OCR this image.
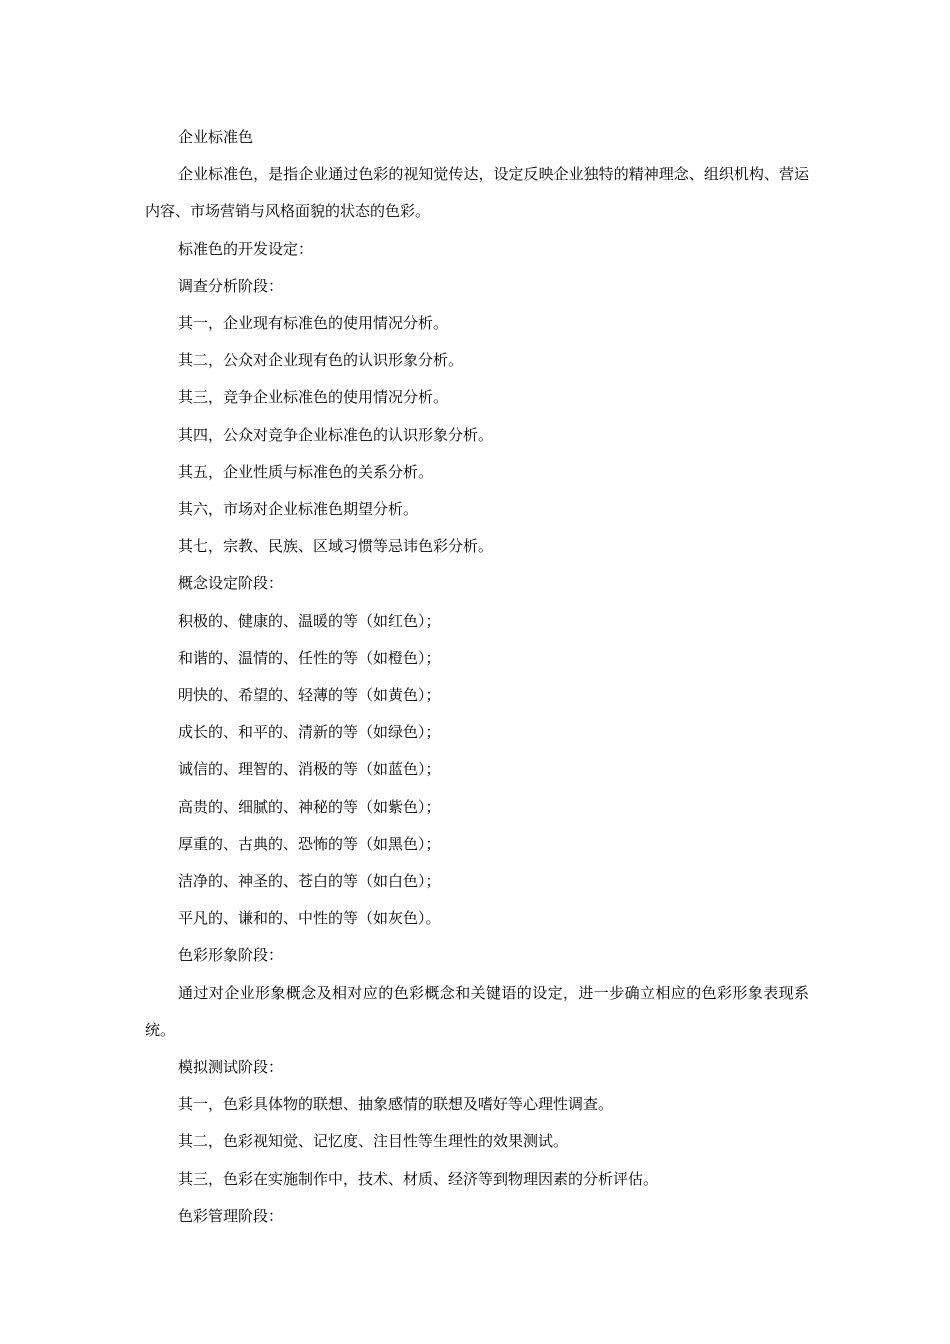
企业标准色

企业标准色，是指企业通过色彩的视知觉传达，设定反映企业独特的精神理念、组织机构、营运内容、市场营销与风格面貌的状态的色彩。

标准色的开发设定：

调查分析阶段：

其一，企业现有标准色的使用情况分析。

其二，公众对企业现有色的认识形象分析。

其三，竞争企业标准色的使用情况分析。

其四，公众对竞争企业标准色的认识形象分析。

其五，企业性质与标准色的关系分析。

其六，市场对企业标准色期望分析。

其七，宗教、民族、区域习惯等忌讳色彩分析。

概念设定阶段：

积极的、健康的、温暖的等（如红色）；

和谐的、温情的、任性的等（如橙色）；

明快的、希望的、轻薄的等（如黄色）；

成长的、和平的、清新的等（如绿色）；

诚信的、理智的、消极的等（如蓝色）；

高贵的、细腻的、神秘的等（如紫色）；

厚重的、古典的、恐怖的等（如黑色）；

洁净的、神圣的、苍白的等（如白色）；

平凡的、谦和的、中性的等（如灰色）。

色彩形象阶段：

通过对企业形象概念及相对应的色彩概念和关键语的设定，进一步确立相应的色彩形象表现系统。

模拟测试阶段：

其一，色彩具体物的联想、抽象感情的联想及嗜好等心理性调查。

其二，色彩视知觉、记忆度、注目性等生理性的效果测试。

其三，色彩在实施制作中，技术、材质、经济等到物理因素的分析评估。

色彩管理阶段：
